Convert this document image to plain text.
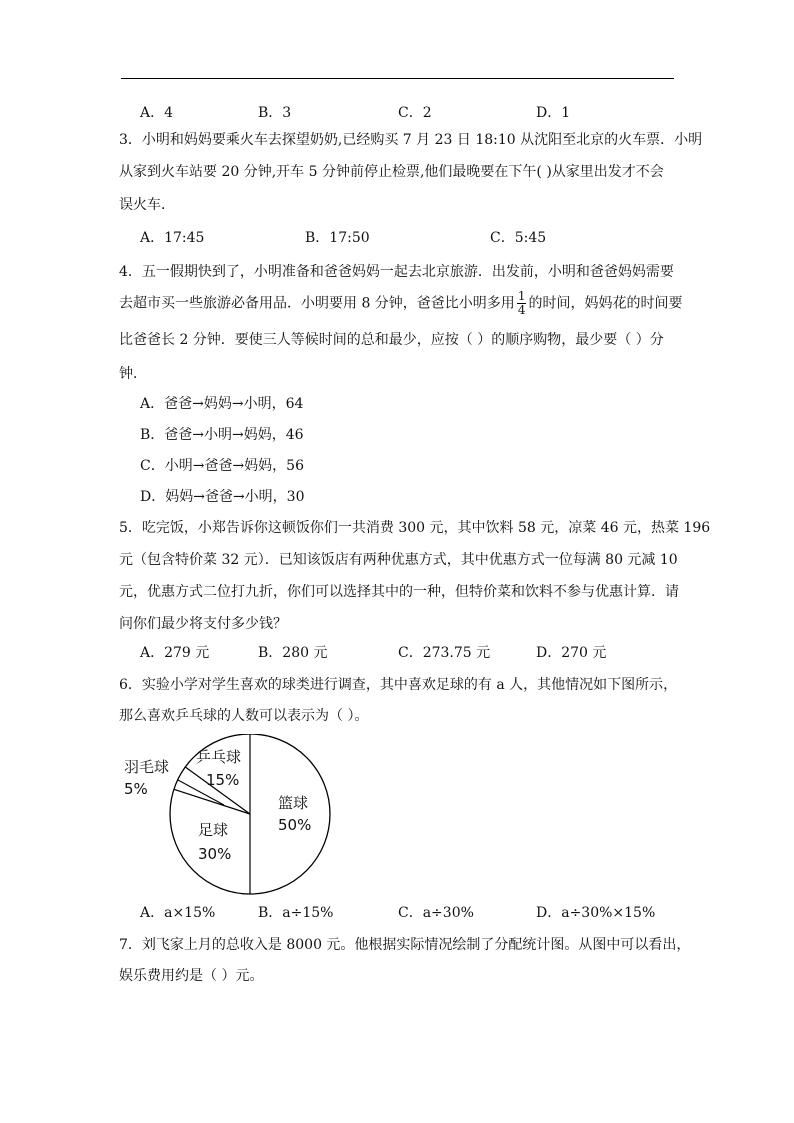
A．4	B．3	C．2	D．1
3．小明和妈妈要乘火车去探望奶奶,已经购买 7 月 23 日 18:10 从沈阳至北京的火车票．小明
从家到火车站要 20 分钟,开车 5 分钟前停止检票,他们最晚要在下午( )从家里出发才不会
误火车．
A．17:45	B．17:50	C．5:45
4．五一假期快到了，小明准备和爸爸妈妈一起去北京旅游．出发前，小明和爸爸妈妈需要
去超市买一些旅游必备用品．小明要用 8 分钟，爸爸比小明多用 $\frac{1}{4}$ 的时间，妈妈花的时间要
比爸爸长 2 分钟．要使三人等候时间的总和最少，应按（ ）的顺序购物，最少要（ ）分
钟．
A．爸爸→妈妈→小明，64
B．爸爸→小明→妈妈，46
C．小明→爸爸→妈妈，56
D．妈妈→爸爸→小明，30
5．吃完饭，小郑告诉你这顿饭你们一共消费 300 元，其中饮料 58 元，凉菜 46 元，热菜 196
元（包含特价菜 32 元）．已知该饭店有两种优惠方式，其中优惠方式一位每满 80 元减 10
元，优惠方式二位打九折，你们可以选择其中的一种，但特价菜和饮料不参与优惠计算．请
问你们最少将支付多少钱？
A．279 元	B．280 元	C．273.75 元	D．270 元
6．实验小学对学生喜欢的球类进行调查，其中喜欢足球的有 a 人，其他情况如下图所示，
那么喜欢乒乓球的人数可以表示为（ ）。
篮球
50%
足球
30%
羽毛球
5%
乒乓球
15%
A．a×15%	B．a÷15%	C．a÷30%	D．a÷30%×15%
7．刘飞家上月的总收入是 8000 元。他根据实际情况绘制了分配统计图。从图中可以看出，
娱乐费用约是（ ）元。
